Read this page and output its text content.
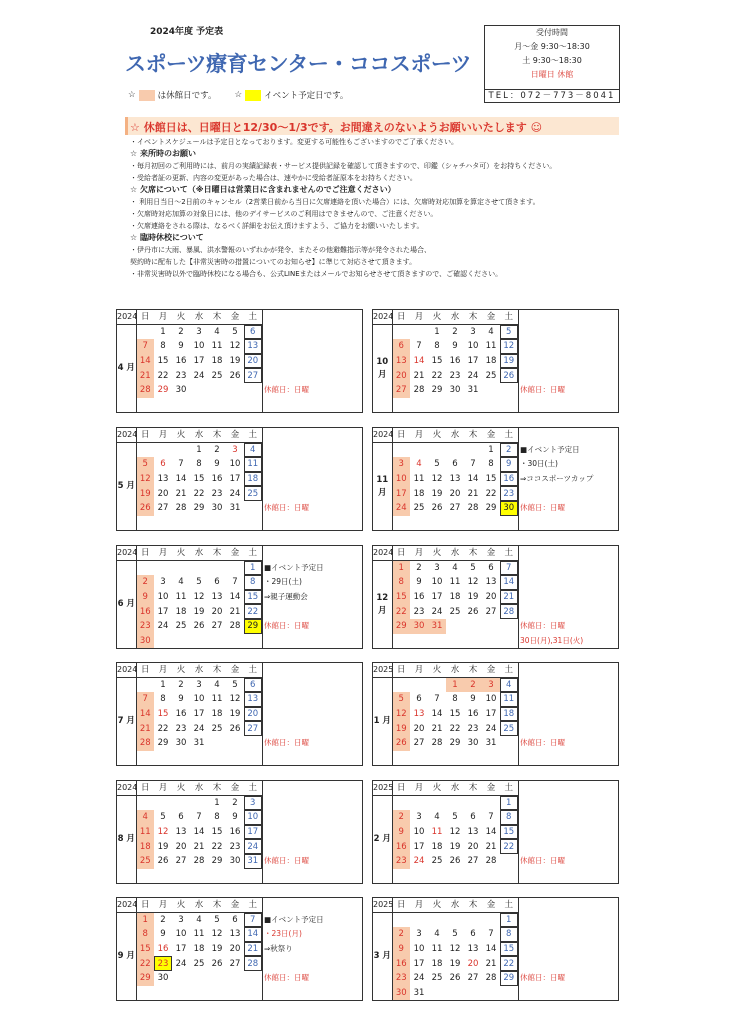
2024年度 予定表
スポーツ療育センター・ココスポーツ
受付時間
月～金 9:30～18:30
土 9:30～18:30
日曜日 休館
TEL：072－773－8041
☆	は休館日です。 ☆	イベント予定日です。
☆ 休館日は、日曜日と12/30～1/3です。お間違えのないようお願いいたします ☺
・イベントスケジュールは予定日となっております。変更する可能性もございますのでご了承ください。
☆ 来所時のお願い
・毎月初回のご利用時には、前月の実績記録表・サービス提供記録を確認して頂きますので、印鑑（シャチハタ可）をお持ちください。
・受給者証の更新、内容の変更があった場合は、速やかに受給者証原本をお持ちください。
☆ 欠席について（※日曜日は営業日に含まれませんのでご注意ください）
・ 利用日当日～2日前のキャンセル（2営業日前から当日に欠席連絡を頂いた場合）には、欠席時対応加算を算定させて頂きます。
・欠席時対応加算の対象日には、他のデイサービスのご利用はできませんので、ご注意ください。
・欠席連絡をされる際は、なるべく詳細をお伝え頂けますよう、ご協力をお願いいたします。
☆ 臨時休校について
・伊丹市に大雨、暴風、洪水警報のいずれかが発令、またその他避難指示等が発令された場合、
契約時に配布した【非常災害時の措置についてのお知らせ】に準じて対応させて頂きます。
・非常災害時以外で臨時休校になる場合も、公式LINEまたはメールでお知らせさせて頂きますので、ご確認ください。
2024	日	月	火	水	木	金	土
4 月		1	2	3	4	5	6
	7	8	9	10	11	12	13
	14	15	16	17	18	19	20
	21	22	23	24	25	26	27
	28	29	30				
							休館日：日曜
2024	日	月	火	水	木	金	土
5 月				1	2	3	4
	5	6	7	8	9	10	11
	12	13	14	15	16	17	18
	19	20	21	22	23	24	25
	26	27	28	29	30	31	
							休館日：日曜
2024	日	月	火	水	木	金	土
6 月							1
	2	3	4	5	6	7	8
	9	10	11	12	13	14	15
	16	17	18	19	20	21	22
	23	24	25	26	27	28	29
	30						
■イベント予定日
・29日(土)
⇒親子運動会
休館日：日曜
2024	日	月	火	水	木	金	土
7 月		1	2	3	4	5	6
	7	8	9	10	11	12	13
	14	15	16	17	18	19	20
	21	22	23	24	25	26	27
	28	29	30	31			
							休館日：日曜
2024	日	月	火	水	木	金	土
8 月					1	2	3
	4	5	6	7	8	9	10
	11	12	13	14	15	16	17
	18	19	20	21	22	23	24
	25	26	27	28	29	30	31
						休館日：日曜
2024	日	月	火	水	木	金	土
9 月	1	2	3	4	5	6	7
	8	9	10	11	12	13	14
	15	16	17	18	19	20	21
	22	23	24	25	26	27	28
	29	30					

■イベント予定日
・23日(月)
⇒秋祭り
休館日：日曜
2024	日	月	火	水	木	金	土
10 月			1	2	3	4	5
	6	7	8	9	10	11	12
	13	14	15	16	17	18	19
	20	21	22	23	24	25	26
	27	28	29	30	31		
							休館日：日曜
2024	日	月	火	水	木	金	土
11 月						1	2
	3	4	5	6	7	8	9
	10	11	12	13	14	15	16
	17	18	19	20	21	22	23
	24	25	26	27	28	29	30

■イベント予定日
・30日(土)
⇒ココスポーツカップ
休館日：日曜
2024	日	月	火	水	木	金	土
12 月	1	2	3	4	5	6	7
	8	9	10	11	12	13	14
	15	16	17	18	19	20	21
	22	23	24	25	26	27	28
	29	30	31				
							休館日：日曜
30日(月),31日(火)
2025	日	月	火	水	木	金	土
1 月				1	2	3	4
	5	6	7	8	9	10	11
	12	13	14	15	16	17	18
	19	20	21	22	23	24	25
	26	27	28	29	30	31	
							休館日：日曜
2025	日	月	火	水	木	金	土
2 月							1
	2	3	4	5	6	7	8
	9	10	11	12	13	14	15
	16	17	18	19	20	21	22
	23	24	25	26	27	28	
							休館日：日曜
2025	日	月	火	水	木	金	土
3 月							1
	2	3	4	5	6	7	8
	9	10	11	12	13	14	15
	16	17	18	19	20	21	22
	23	24	25	26	27	28	29
	30	31					
休館日：日曜
